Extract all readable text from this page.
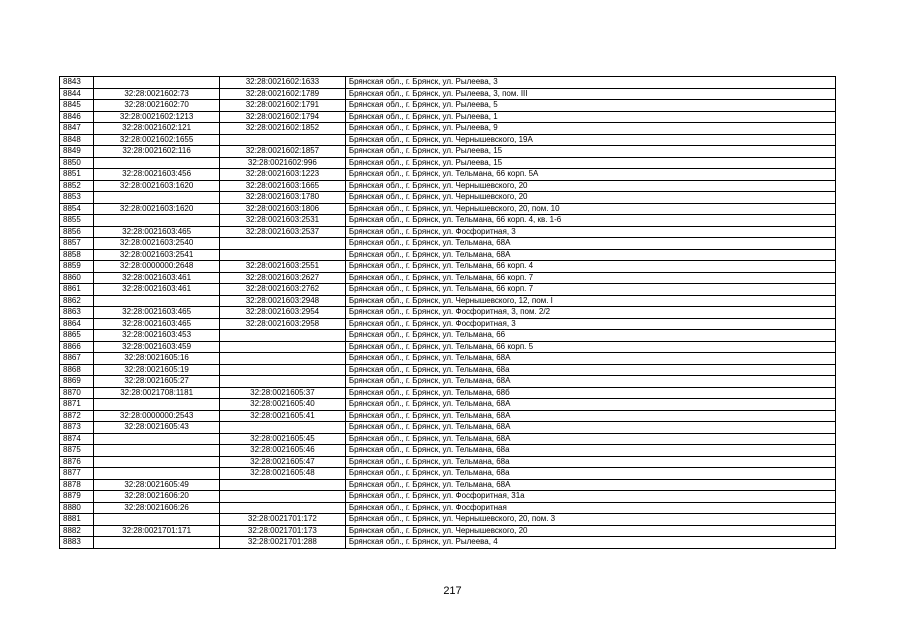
8843		32:28:0021602:1633	Брянская обл., г. Брянск, ул. Рылеева, 3
8844	32:28:0021602:73	32:28:0021602:1789	Брянская обл., г. Брянск, ул. Рылеева, 3, пом. III
8845	32:28:0021602:70	32:28:0021602:1791	Брянская обл., г. Брянск, ул. Рылеева, 5
8846	32:28:0021602:1213	32:28:0021602:1794	Брянская обл., г. Брянск, ул. Рылеева, 1
8847	32:28:0021602:121	32:28:0021602:1852	Брянская обл., г. Брянск, ул. Рылеева, 9
8848	32:28:0021602:1655		Брянская обл., г. Брянск, ул. Чернышевского, 19А
8849	32:28:0021602:116	32:28:0021602:1857	Брянская обл., г. Брянск, ул. Рылеева, 15
8850		32:28:0021602:996	Брянская обл., г. Брянск, ул. Рылеева, 15
8851	32:28:0021603:456	32:28:0021603:1223	Брянская обл., г. Брянск, ул. Тельмана, 66 корп. 5А
8852	32:28:0021603:1620	32:28:0021603:1665	Брянская обл., г. Брянск, ул. Чернышевского, 20
8853		32:28:0021603:1780	Брянская обл., г. Брянск, ул. Чернышевского, 20
8854	32:28:0021603:1620	32:28:0021603:1806	Брянская обл., г. Брянск, ул. Чернышевского, 20, пом. 10
8855		32:28:0021603:2531	Брянская обл., г. Брянск, ул. Тельмана, 66 корп. 4, кв. 1-6
8856	32:28:0021603:465	32:28:0021603:2537	Брянская обл., г. Брянск, ул. Фосфоритная, 3
8857	32:28:0021603:2540		Брянская обл., г. Брянск, ул. Тельмана, 68А
8858	32:28:0021603:2541		Брянская обл., г. Брянск, ул. Тельмана, 68А
8859	32:28:0000000:2648	32:28:0021603:2551	Брянская обл., г. Брянск, ул. Тельмана, 66 корп. 4
8860	32:28:0021603:461	32:28:0021603:2627	Брянская обл., г. Брянск, ул. Тельмана, 66 корп. 7
8861	32:28:0021603:461	32:28:0021603:2762	Брянская обл., г. Брянск, ул. Тельмана, 66 корп. 7
8862		32:28:0021603:2948	Брянская обл., г. Брянск, ул. Чернышевского, 12, пом. I
8863	32:28:0021603:465	32:28:0021603:2954	Брянская обл., г. Брянск, ул. Фосфоритная, 3, пом. 2/2
8864	32:28:0021603:465	32:28:0021603:2958	Брянская обл., г. Брянск, ул. Фосфоритная, 3
8865	32:28:0021603:453		Брянская обл., г. Брянск, ул. Тельмана, 66
8866	32:28:0021603:459		Брянская обл., г. Брянск, ул. Тельмана, 66 корп. 5
8867	32:28:0021605:16		Брянская обл., г. Брянск, ул. Тельмана, 68А
8868	32:28:0021605:19		Брянская обл., г. Брянск, ул. Тельмана, 68а
8869	32:28:0021605:27		Брянская обл., г. Брянск, ул. Тельмана, 68А
8870	32:28:0021708:1181	32:28:0021605:37	Брянская обл., г. Брянск, ул. Тельмана, 68б
8871		32:28:0021605:40	Брянская обл., г. Брянск, ул. Тельмана, 68А
8872	32:28:0000000:2543	32:28:0021605:41	Брянская обл., г. Брянск, ул. Тельмана, 68А
8873	32:28:0021605:43		Брянская обл., г. Брянск, ул. Тельмана, 68А
8874		32:28:0021605:45	Брянская обл., г. Брянск, ул. Тельмана, 68А
8875		32:28:0021605:46	Брянская обл., г. Брянск, ул. Тельмана, 68а
8876		32:28:0021605:47	Брянская обл., г. Брянск, ул. Тельмана, 68а
8877		32:28:0021605:48	Брянская обл., г. Брянск, ул. Тельмана, 68а
8878	32:28:0021605:49		Брянская обл., г. Брянск, ул. Тельмана, 68А
8879	32:28:0021606:20		Брянская обл., г. Брянск, ул. Фосфоритная, 31а
8880	32:28:0021606:26		Брянская обл., г. Брянск, ул. Фосфоритная
8881		32:28:0021701:172	Брянская обл., г. Брянск, ул. Чернышевского, 20, пом. 3
8882	32:28:0021701:171	32:28:0021701:173	Брянская обл., г. Брянск, ул. Чернышевского, 20
8883		32:28:0021701:288	Брянская обл., г. Брянск, ул. Рылеева, 4
217
